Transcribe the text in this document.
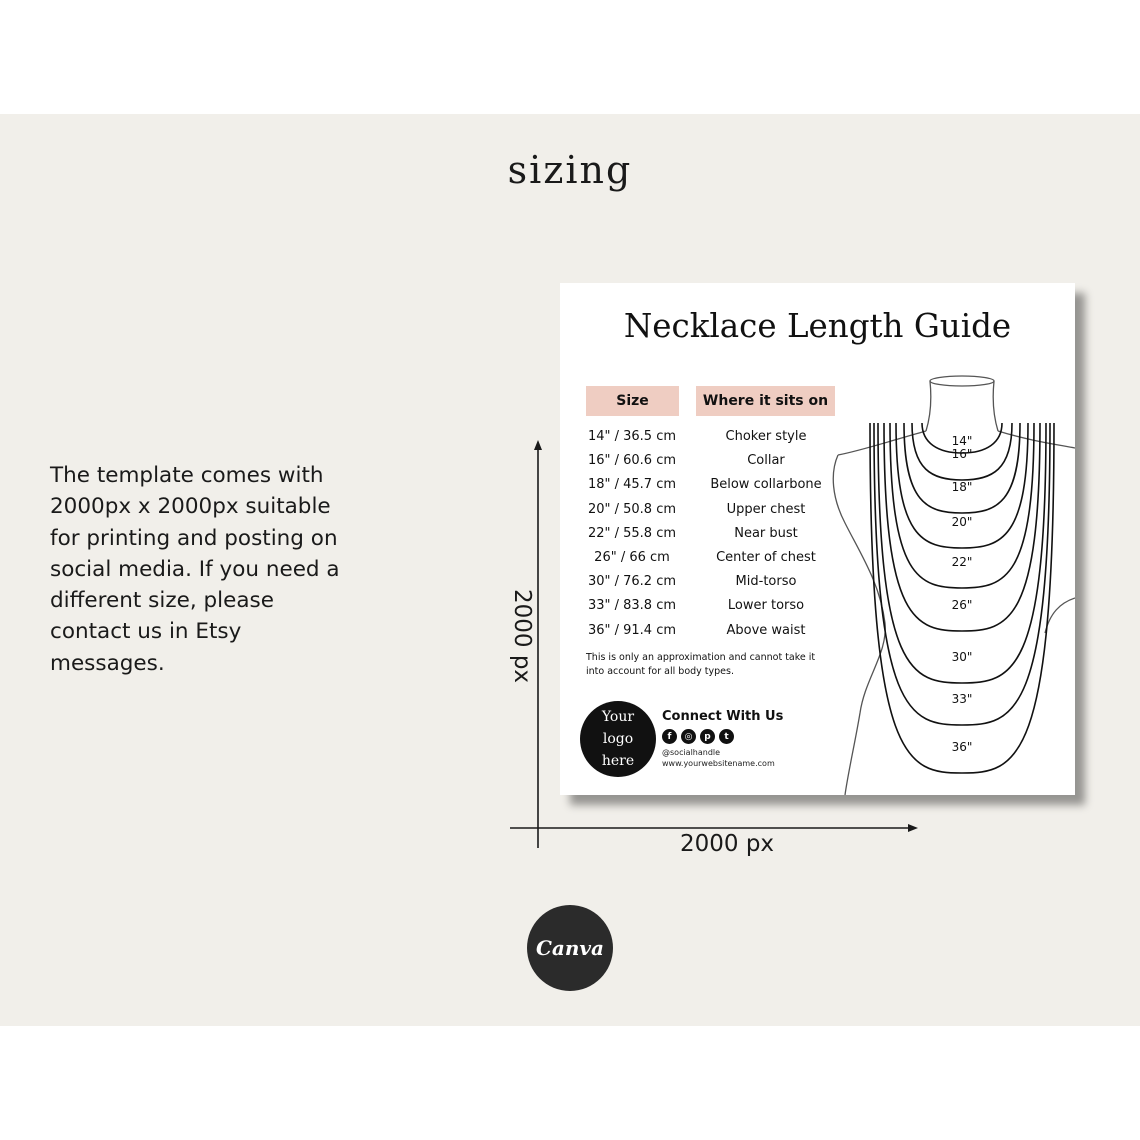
sizing
The template comes with 2000px x 2000px suitable for printing and posting on social media. If you need a different size, please contact us in Etsy messages.	2000 px
2000 px
Necklace Length Guide
Size	Where it sits on
14" / 36.5 cm	Choker style
16" / 60.6 cm	Collar
18" / 45.7 cm	Below collarbone
20" / 50.8 cm	Upper chest
22" / 55.8 cm	Near bust
26" / 66 cm	Center of chest
30" / 76.2 cm	Mid-torso
33" / 83.8 cm	Lower torso
36" / 91.4 cm	Above waist
This is only an approximation and cannot take it into account for all body types.
Your
logo
here
Connect With Us
f	◎	p	t
@socialhandle
www.yourwebsitename.com
14"
16"
18"
20"
22"
26"
30"
33"
36"
Canva
